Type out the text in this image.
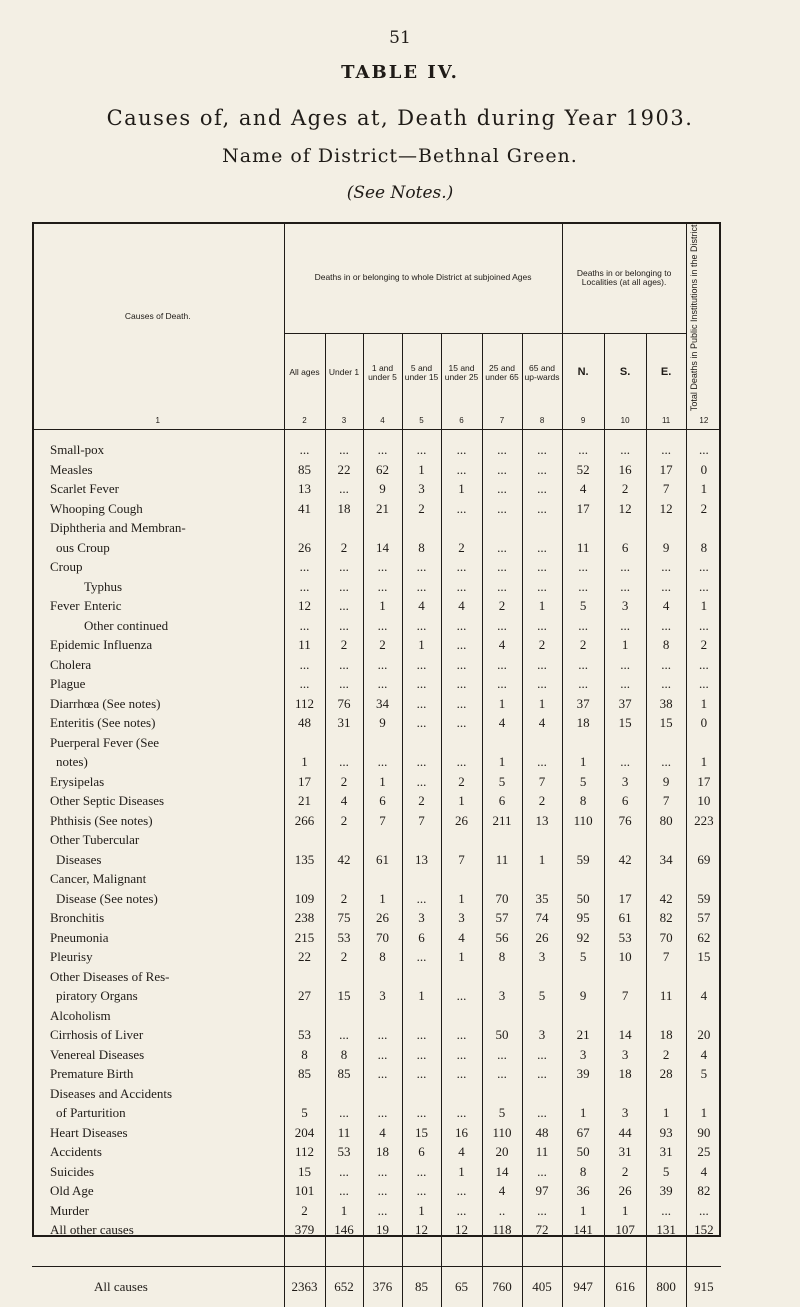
51
TABLE IV.
Causes of, and Ages at, Death during Year 1903.
Name of District—Bethnal Green.
(See Notes.)
Causes of Death.	Deaths in or belonging to whole District at subjoined Ages							Deaths in or belonging to Localities (at all ages).			Total Deaths in Public Institutions in the District.

	All ages	Under 1	1 and under 5	5 and under 15	15 and under 25	25 and under 65	65 and up-wards	N.	S.	E.	
1	2	3	4	5	6	7	8	9	10	11	12

Small-pox	...	...	...	...	...	...	...	...	...	...	...
Measles	85	22	62	1	...	...	...	52	16	17	0
Scarlet Fever	13	...	9	3	1	...	...	4	2	7	1
Whooping Cough	41	18	21	2	...	...	...	17	12	12	2
Diphtheria and Membran-											
ous Croup	26	2	14	8	2	...	...	11	6	9	8
Croup	...	...	...	...	...	...	...	...	...	...	...
Typhus	...	...	...	...	...	...	...	...	...	...	...
Fever Enteric	12	...	1	4	4	2	1	5	3	4	1
Other continued	...	...	...	...	...	...	...	...	...	...	...
Epidemic Influenza	11	2	2	1	...	4	2	2	1	8	2
Cholera	...	...	...	...	...	...	...	...	...	...	...
Plague	...	...	...	...	...	...	...	...	...	...	...
Diarrhœa (See notes)	112	76	34	...	...	1	1	37	37	38	1
Enteritis (See notes)	48	31	9	...	...	4	4	18	15	15	0
Puerperal Fever (See											
notes)	1	...	...	...	...	1	...	1	...	...	1
Erysipelas	17	2	1	...	2	5	7	5	3	9	17
Other Septic Diseases	21	4	6	2	1	6	2	8	6	7	10
Phthisis (See notes)	266	2	7	7	26	211	13	110	76	80	223
Other Tubercular											
Diseases	135	42	61	13	7	11	1	59	42	34	69
Cancer, Malignant											
Disease (See notes)	109	2	1	...	1	70	35	50	17	42	59
Bronchitis	238	75	26	3	3	57	74	95	61	82	57
Pneumonia	215	53	70	6	4	56	26	92	53	70	62
Pleurisy	22	2	8	...	1	8	3	5	10	7	15
Other Diseases of Res-											
piratory Organs	27	15	3	1	...	3	5	9	7	11	4
Alcoholism											
Cirrhosis of Liver	53	...	...	...	...	50	3	21	14	18	20
Venereal Diseases	8	8	...	...	...	...	...	3	3	2	4
Premature Birth	85	85	...	...	...	...	...	39	18	28	5
Diseases and Accidents											
of Parturition	5	...	...	...	...	5	...	1	3	1	1
Heart Diseases	204	11	4	15	16	110	48	67	44	93	90
Accidents	112	53	18	6	4	20	11	50	31	31	25
Suicides	15	...	...	...	1	14	...	8	2	5	4
Old Age	101	...	...	...	...	4	97	36	26	39	82
Murder	2	1	...	1	...	..	...	1	1	...	...
All other causes	379	146	19	12	12	118	72	141	107	131	152

All causes	2363	652	376	85	65	760	405	947	616	800	915
